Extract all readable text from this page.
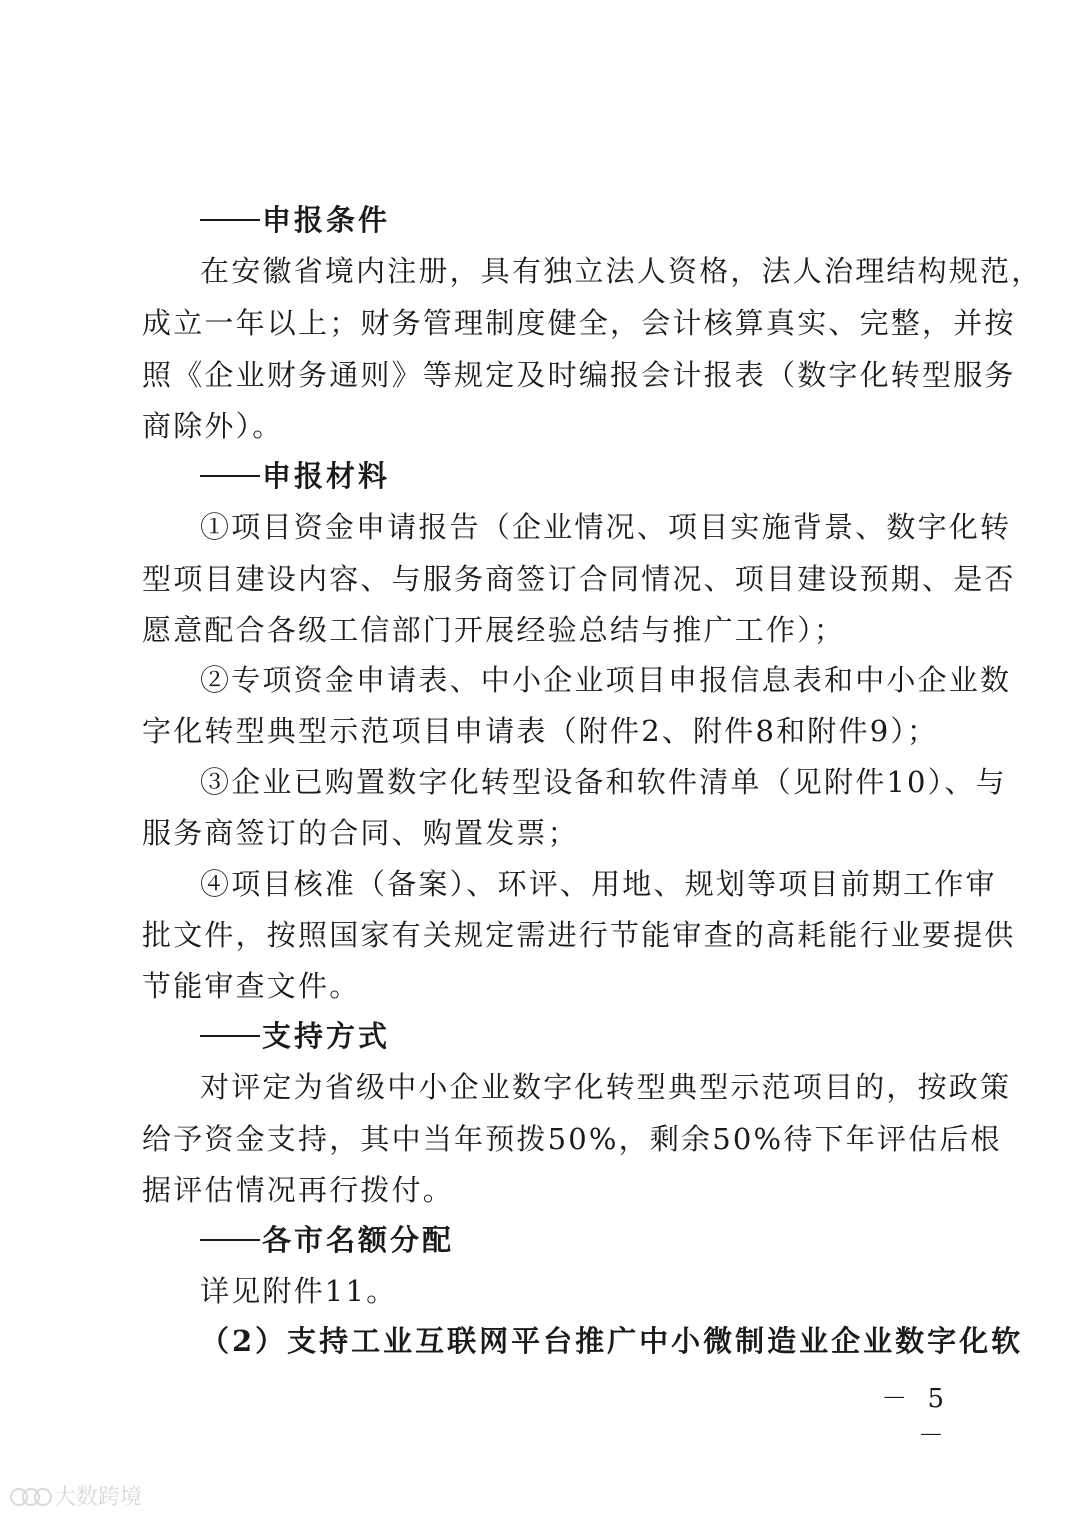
申报条件
在安徽省境内注册，具有独立法人资格，法人治理结构规范，
成立一年以上；财务管理制度健全，会计核算真实、完整，并按
照《企业财务通则》等规定及时编报会计报表（数字化转型服务
商除外）。
申报材料
①项目资金申请报告（企业情况、项目实施背景、数字化转
型项目建设内容、与服务商签订合同情况、项目建设预期、是否
愿意配合各级工信部门开展经验总结与推广工作）；
②专项资金申请表、中小企业项目申报信息表和中小企业数
字化转型典型示范项目申请表（附件2、附件8和附件9）；
③企业已购置数字化转型设备和软件清单（见附件10）、与
服务商签订的合同、购置发票；
④项目核准（备案）、环评、用地、规划等项目前期工作审
批文件，按照国家有关规定需进行节能审查的高耗能行业要提供
节能审查文件。
支持方式
对评定为省级中小企业数字化转型典型示范项目的，按政策
给予资金支持，其中当年预拨50%，剩余50%待下年评估后根
据评估情况再行拨付。
各市名额分配
详见附件11。
（2）支持工业互联网平台推广中小微制造业企业数字化软
－ 5 －
大数跨境
